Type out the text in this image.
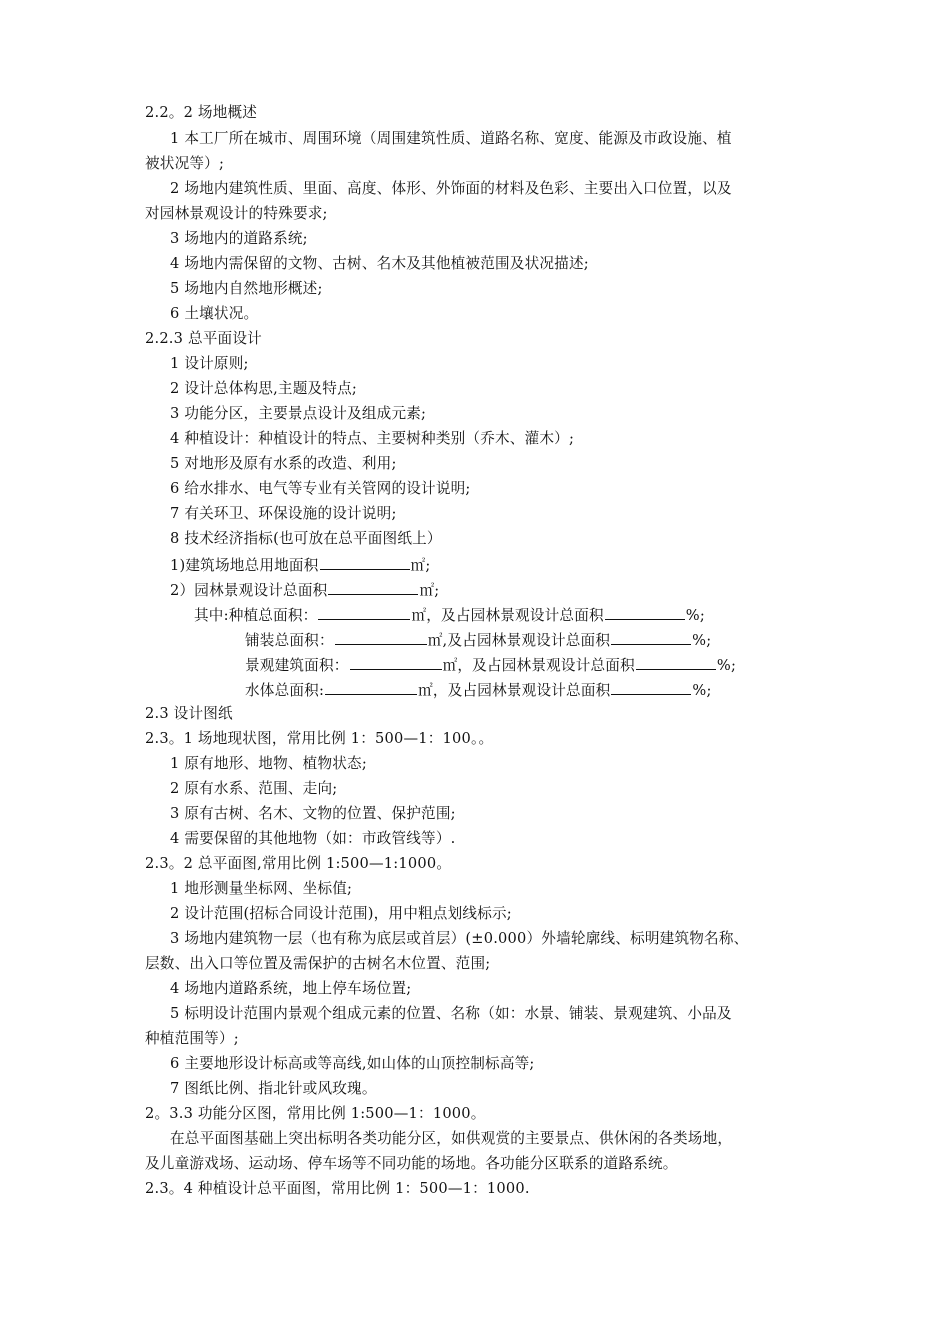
2.2。2 场地概述
1 本工厂所在城市、周围环境（周围建筑性质、道路名称、宽度、能源及市政设施、植
被状况等）;
2 场地内建筑性质、里面、高度、体形、外饰面的材料及色彩、主要出入口位置，以及
对园林景观设计的特殊要求;
3 场地内的道路系统;
4 场地内需保留的文物、古树、名木及其他植被范围及状况描述;
5 场地内自然地形概述;
6 土壤状况。
2.2.3 总平面设计
1 设计原则;
2 设计总体构思,主题及特点;
3 功能分区，主要景点设计及组成元素;
4 种植设计：种植设计的特点、主要树种类别（乔木、灌木）;
5 对地形及原有水系的改造、利用;
6 给水排水、电气等专业有关管网的设计说明;
7 有关环卫、环保设施的设计说明;
8 技术经济指标(也可放在总平面图纸上）
1)建筑场地总用地面积	㎡;
2）园林景观设计总面积	㎡;
其中:种植总面积：	㎡，及占园林景观设计总面积	%;
铺装总面积：	㎡,及占园林景观设计总面积	%;
景观建筑面积：	㎡，及占园林景观设计总面积	%;
水体总面积:	㎡，及占园林景观设计总面积	%;
2.3 设计图纸
2.3。1 场地现状图，常用比例 1：500—1：100。。
1 原有地形、地物、植物状态;
2 原有水系、范围、走向;
3 原有古树、名木、文物的位置、保护范围;
4 需要保留的其他地物（如：市政管线等）.
2.3。2 总平面图,常用比例 1:500—1:1000。
1 地形测量坐标网、坐标值;
2 设计范围(招标合同设计范围)，用中粗点划线标示;
3 场地内建筑物一层（也有称为底层或首层）(±0.000）外墙轮廓线、标明建筑物名称、
层数、出入口等位置及需保护的古树名木位置、范围;
4 场地内道路系统，地上停车场位置;
5 标明设计范围内景观个组成元素的位置、名称（如：水景、铺装、景观建筑、小品及
种植范围等）;
6 主要地形设计标高或等高线,如山体的山顶控制标高等;
7 图纸比例、指北针或风玫瑰。
2。3.3 功能分区图，常用比例 1:500—1：1000。
在总平面图基础上突出标明各类功能分区，如供观赏的主要景点、供休闲的各类场地，
及儿童游戏场、运动场、停车场等不同功能的场地。各功能分区联系的道路系统。
2.3。4 种植设计总平面图，常用比例 1：500—1：1000.
